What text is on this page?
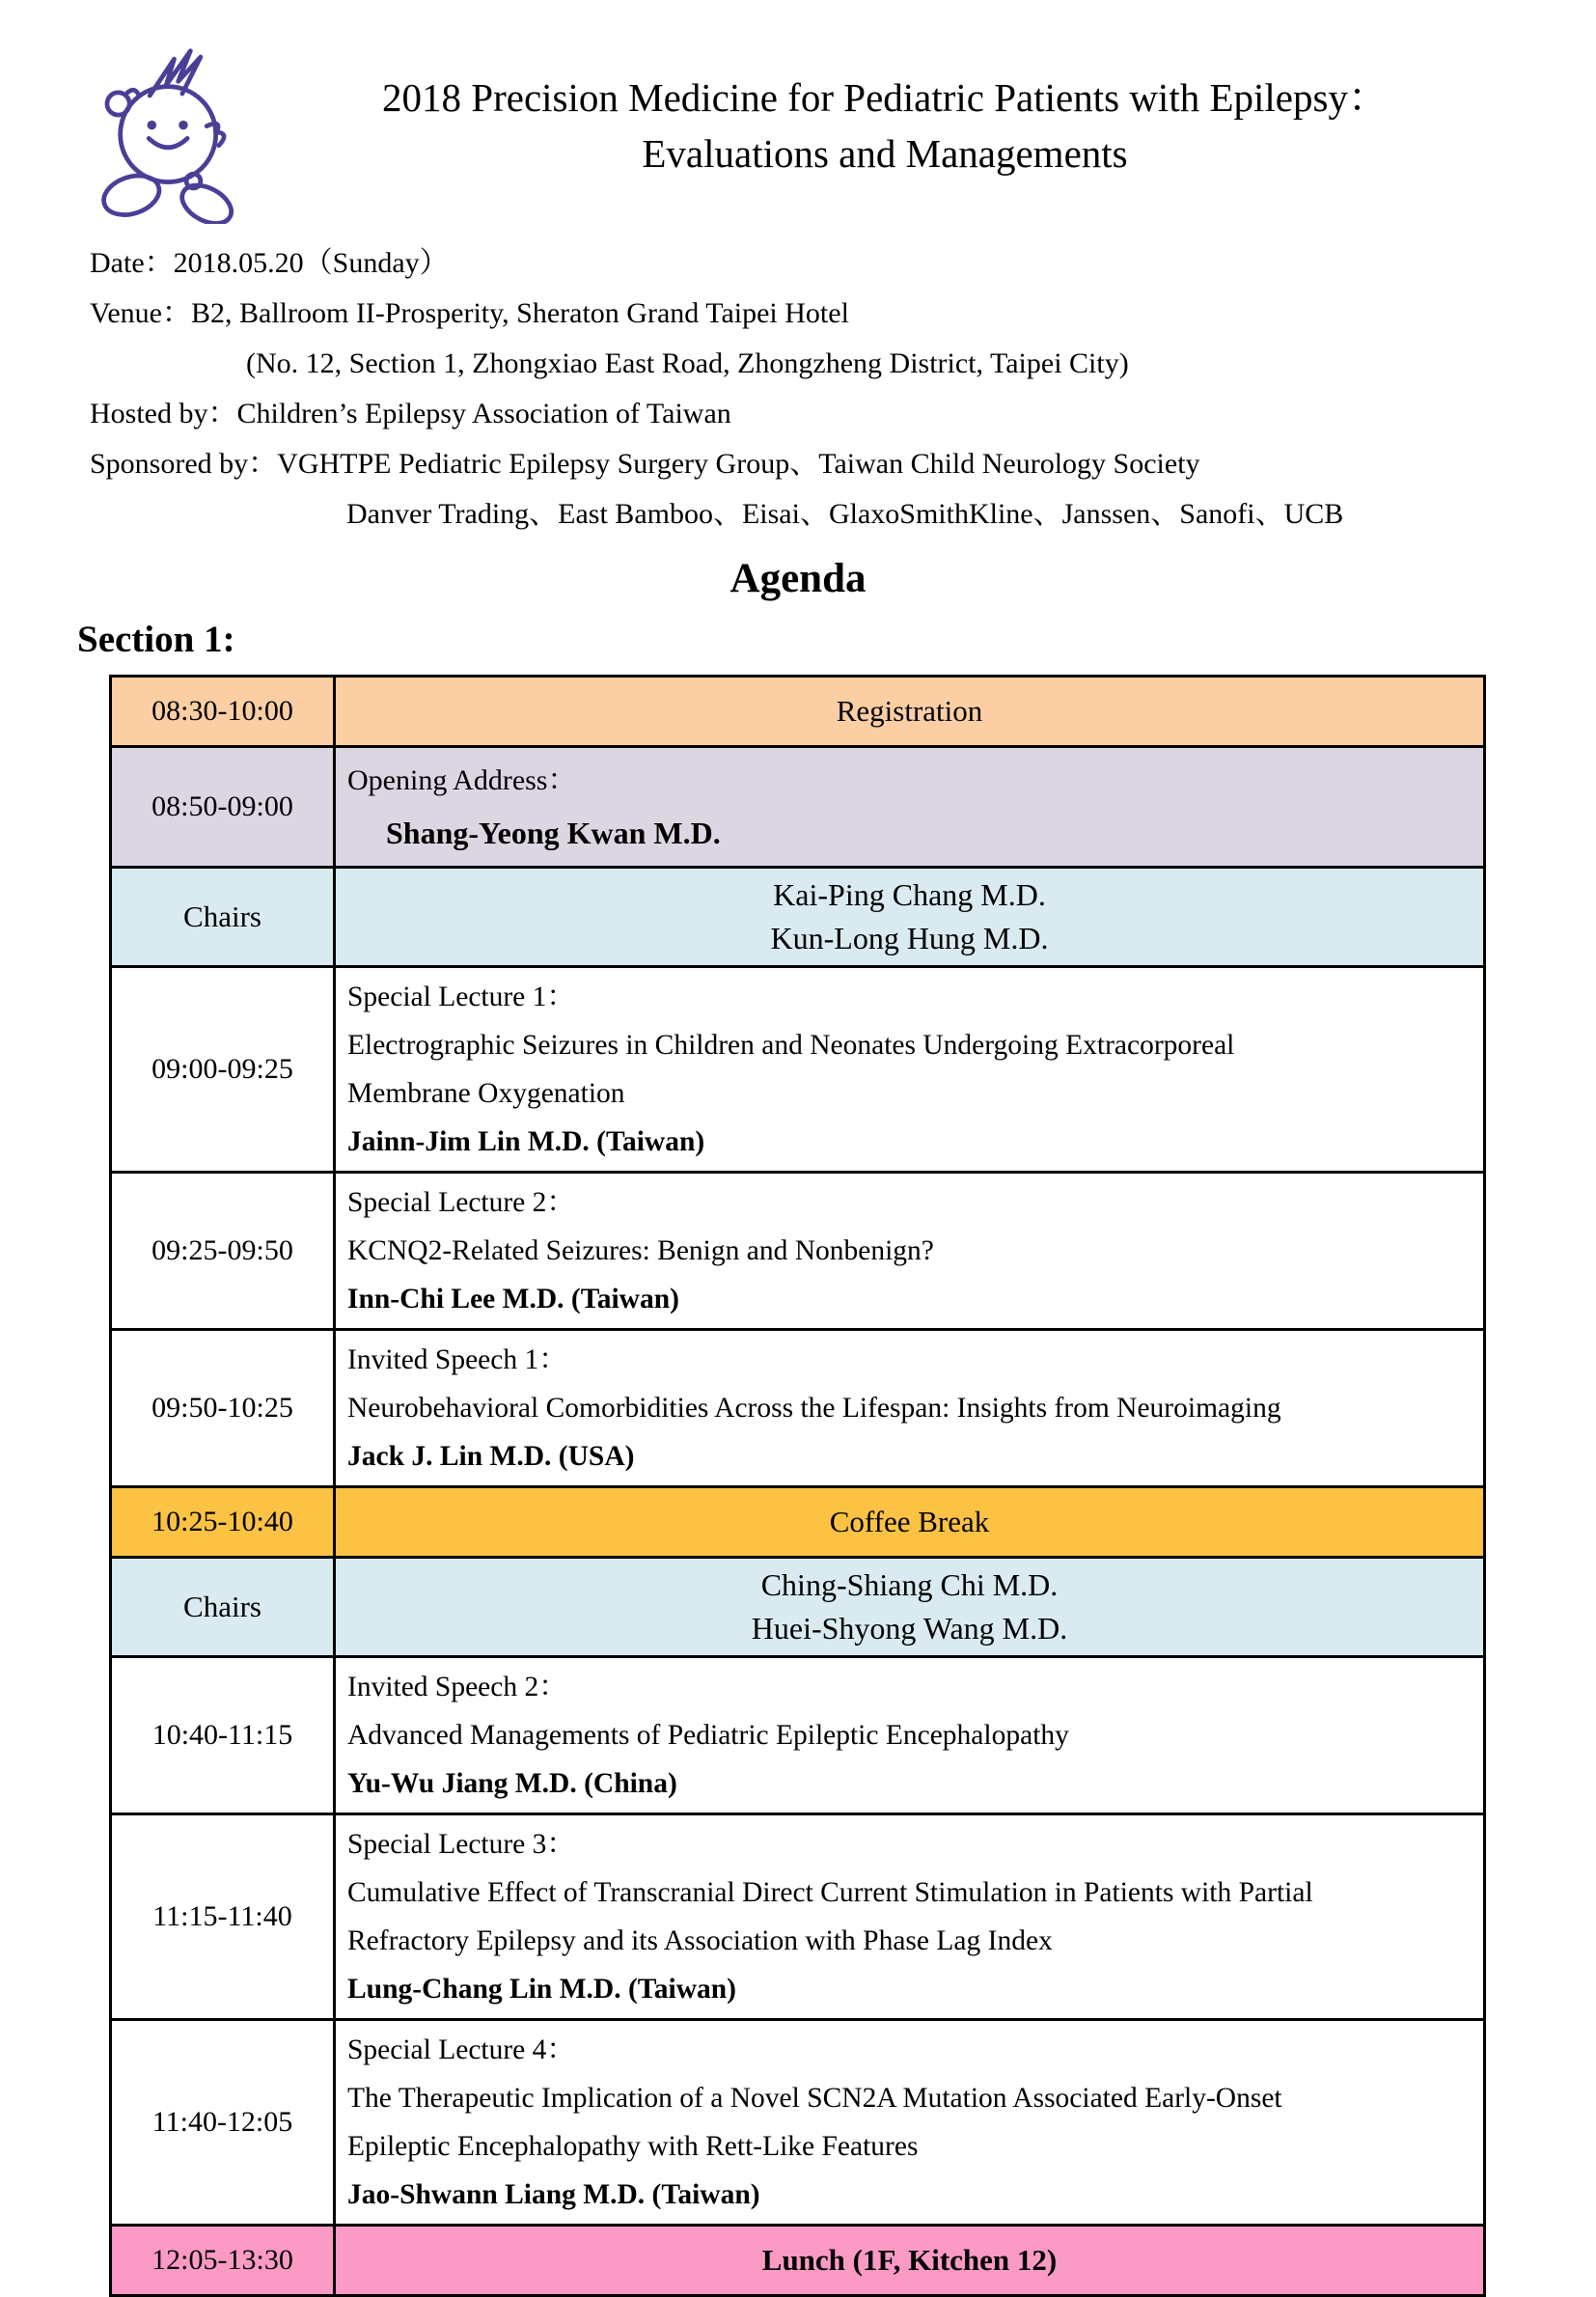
2018 Precision Medicine for Pediatric Patients with Epilepsy：
Evaluations and Managements
Date：2018.05.20（Sunday）
Venue：B2, Ballroom II-Prosperity, Sheraton Grand Taipei Hotel
(No. 12, Section 1, Zhongxiao East Road, Zhongzheng District, Taipei City)
Hosted by：Children’s Epilepsy Association of Taiwan
Sponsored by：VGHTPE Pediatric Epilepsy Surgery Group、Taiwan Child Neurology Society
Danver Trading、East Bamboo、Eisai、GlaxoSmithKline、Janssen、Sanofi、UCB
Agenda
Section 1:
08:30-10:00	Registration
08:50-09:00	Opening Address：
Shang-Yeong Kwan M.D.

Chairs	Kai-Ping Chang M.D.
Kun-Long Hung M.D.

09:00-09:25	Special Lecture 1：
Electrographic Seizures in Children and Neonates Undergoing Extracorporeal
Membrane Oxygenation
Jainn-Jim Lin M.D. (Taiwan)

09:25-09:50	Special Lecture 2：
KCNQ2-Related Seizures: Benign and Nonbenign?
Inn-Chi Lee M.D. (Taiwan)

09:50-10:25	Invited Speech 1：
Neurobehavioral Comorbidities Across the Lifespan: Insights from Neuroimaging
Jack J. Lin M.D. (USA)

10:25-10:40	Coffee Break
Chairs	Ching-Shiang Chi M.D.
Huei-Shyong Wang M.D.

10:40-11:15	Invited Speech 2：
Advanced Managements of Pediatric Epileptic Encephalopathy
Yu-Wu Jiang M.D. (China)

11:15-11:40	Special Lecture 3：
Cumulative Effect of Transcranial Direct Current Stimulation in Patients with Partial
Refractory Epilepsy and its Association with Phase Lag Index
Lung-Chang Lin M.D. (Taiwan)

11:40-12:05	Special Lecture 4：
The Therapeutic Implication of a Novel SCN2A Mutation Associated Early-Onset
Epileptic Encephalopathy with Rett-Like Features
Jao-Shwann Liang M.D. (Taiwan)

12:05-13:30	Lunch (1F, Kitchen 12)
